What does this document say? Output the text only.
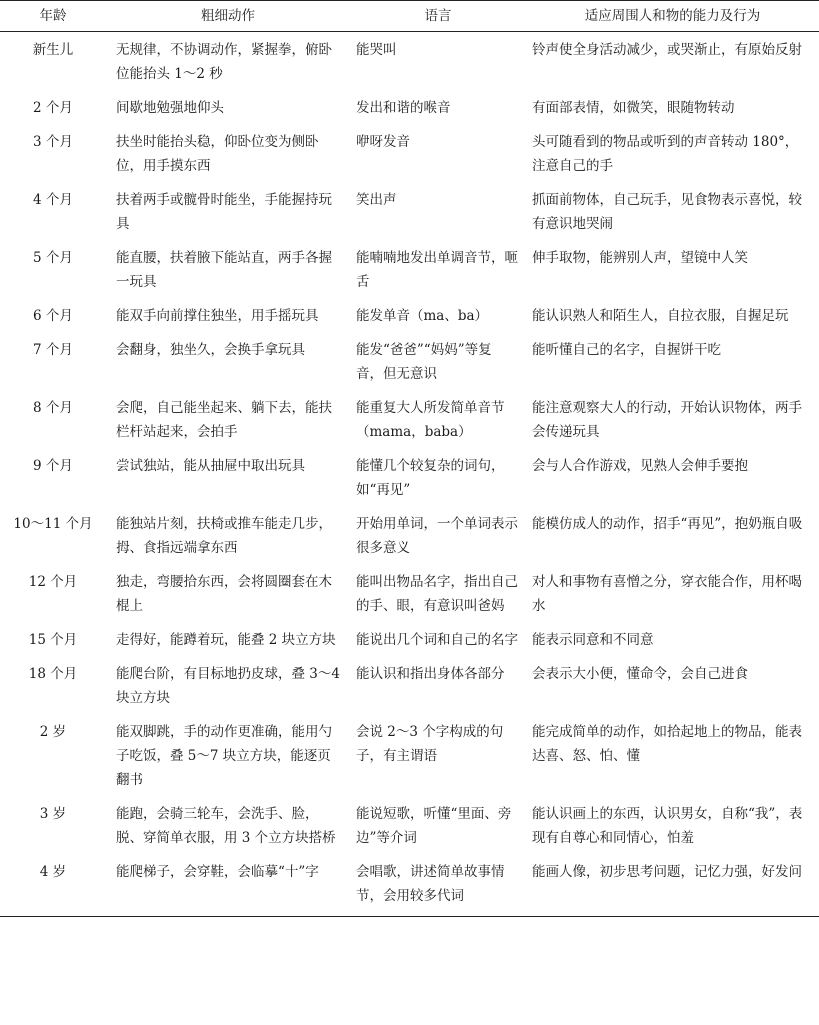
年龄	粗细动作	语言	适应周围人和物的能力及行为
新生儿	无规律，不协调动作，紧握拳，俯卧位能抬头 1～2 秒	能哭叫	铃声使全身活动减少，或哭渐止，有原始反射
2 个月	间歇地勉强地仰头	发出和谐的喉音	有面部表情，如微笑，眼随物转动
3 个月	扶坐时能抬头稳，仰卧位变为侧卧位，用手摸东西	咿呀发音	头可随看到的物品或听到的声音转动 180°，注意自己的手
4 个月	扶着两手或髋骨时能坐，手能握持玩具	笑出声	抓面前物体，自己玩手，见食物表示喜悦，较有意识地哭闹
5 个月	能直腰，扶着腋下能站直，两手各握一玩具	能喃喃地发出单调音节，咂舌	伸手取物，能辨别人声，望镜中人笑
6 个月	能双手向前撑住独坐，用手摇玩具	能发单音（ma、ba）	能认识熟人和陌生人，自拉衣服，自握足玩
7 个月	会翻身，独坐久，会换手拿玩具	能发“爸爸”“妈妈”等复音，但无意识	能听懂自己的名字，自握饼干吃
8 个月	会爬，自己能坐起来、躺下去，能扶栏杆站起来，会拍手	能重复大人所发简单音节（mama，baba）	能注意观察大人的行动，开始认识物体，两手会传递玩具
9 个月	尝试独站，能从抽屉中取出玩具	能懂几个较复杂的词句，如“再见”	会与人合作游戏，见熟人会伸手要抱
10～11 个月	能独站片刻，扶椅或推车能走几步，拇、食指远端拿东西	开始用单词，一个单词表示很多意义	能模仿成人的动作，招手“再见”，抱奶瓶自吸
12 个月	独走，弯腰拾东西，会将圆圈套在木棍上	能叫出物品名字，指出自己的手、眼，有意识叫爸妈	对人和事物有喜憎之分，穿衣能合作，用杯喝水
15 个月	走得好，能蹲着玩，能叠 2 块立方块	能说出几个词和自己的名字	能表示同意和不同意
18 个月	能爬台阶，有目标地扔皮球，叠 3～4块立方块	能认识和指出身体各部分	会表示大小便，懂命令，会自己进食
2 岁	能双脚跳，手的动作更准确，能用勺子吃饭，叠 5～7 块立方块，能逐页翻书	会说 2～3 个字构成的句子，有主谓语	能完成简单的动作，如拾起地上的物品，能表达喜、怒、怕、懂
3 岁	能跑，会骑三轮车，会洗手、脸，脱、穿简单衣服，用 3 个立方块搭桥	能说短歌，听懂“里面、旁边”等介词	能认识画上的东西，认识男女，自称“我”，表现有自尊心和同情心，怕羞
4 岁	能爬梯子，会穿鞋，会临摹“十”字	会唱歌，讲述简单故事情节，会用较多代词	能画人像，初步思考问题，记忆力强，好发问
